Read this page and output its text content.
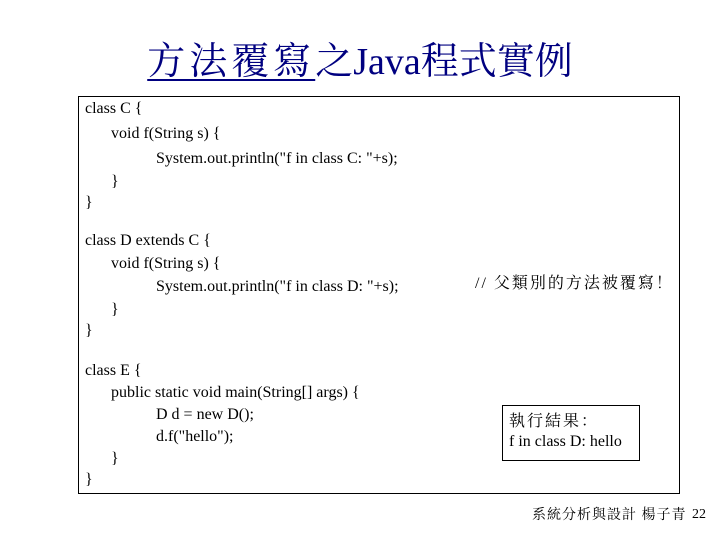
方法覆寫之Java程式實例
class C {
void f(String s) {
System.out.println("f in class C: "+s);
}
}
class D extends C {
void f(String s) {
System.out.println("f in class D: "+s);
}
}
class E {
public static void main(String[] args) {
D d = new D();
d.f("hello");
}
}
// 父類別的方法被覆寫！
執行結果：
f in class D: hello
系統分析與設計 楊子青 22
